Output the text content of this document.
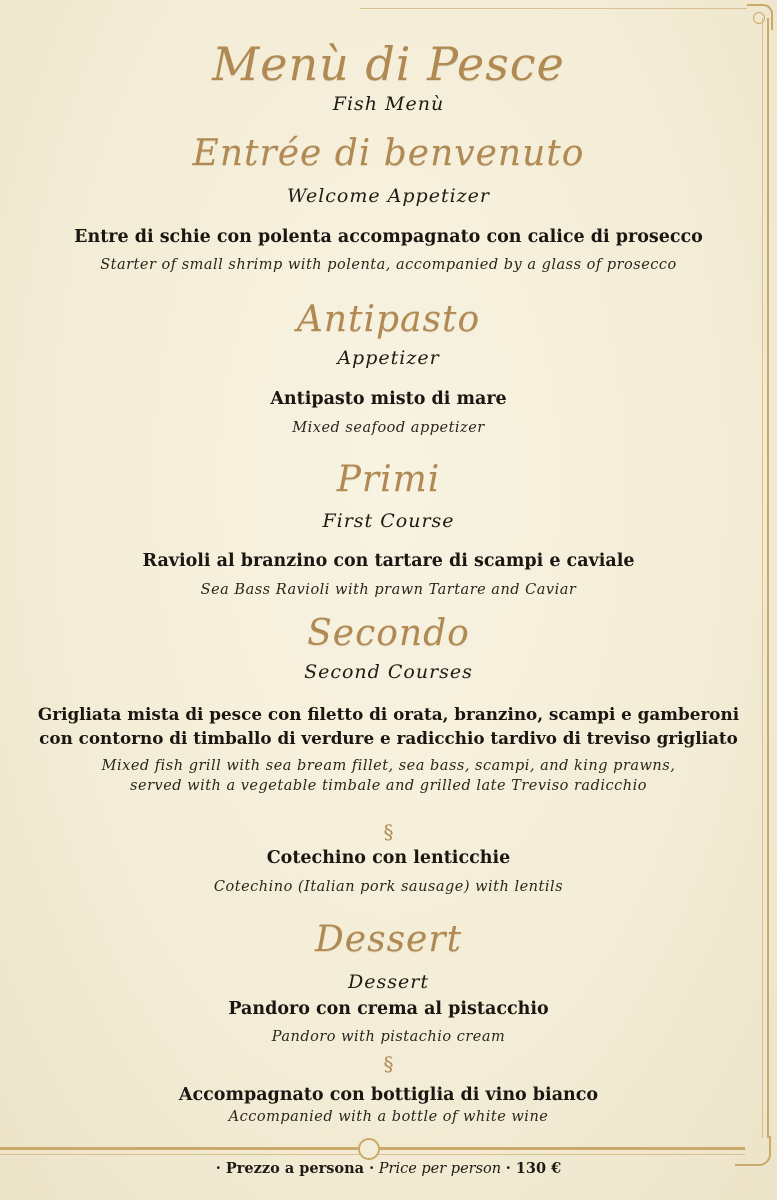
Menù di Pesce
Fish Menù
Entrée di benvenuto
Welcome Appetizer
Entre di schie con polenta accompagnato con calice di prosecco
Starter of small shrimp with polenta, accompanied by a glass of prosecco
Antipasto
Appetizer
Antipasto misto di mare
Mixed seafood appetizer
Primi
First Course
Ravioli al branzino con tartare di scampi e caviale
Sea Bass Ravioli with prawn Tartare and Caviar
Secondo
Second Courses
Grigliata mista di pesce con filetto di orata, branzino, scampi e gamberoni
con contorno di timballo di verdure e radicchio tardivo di treviso grigliato
Mixed fish grill with sea bream fillet, sea bass, scampi, and king prawns,
served with a vegetable timbale and grilled late Treviso radicchio
§
Cotechino con lenticchie
Cotechino (Italian pork sausage) with lentils
Dessert
Dessert
Pandoro con crema al pistacchio
Pandoro with pistachio cream
§
Accompagnato con bottiglia di vino bianco
Accompanied with a bottle of white wine
· Prezzo a persona · Price per person · 130 €
